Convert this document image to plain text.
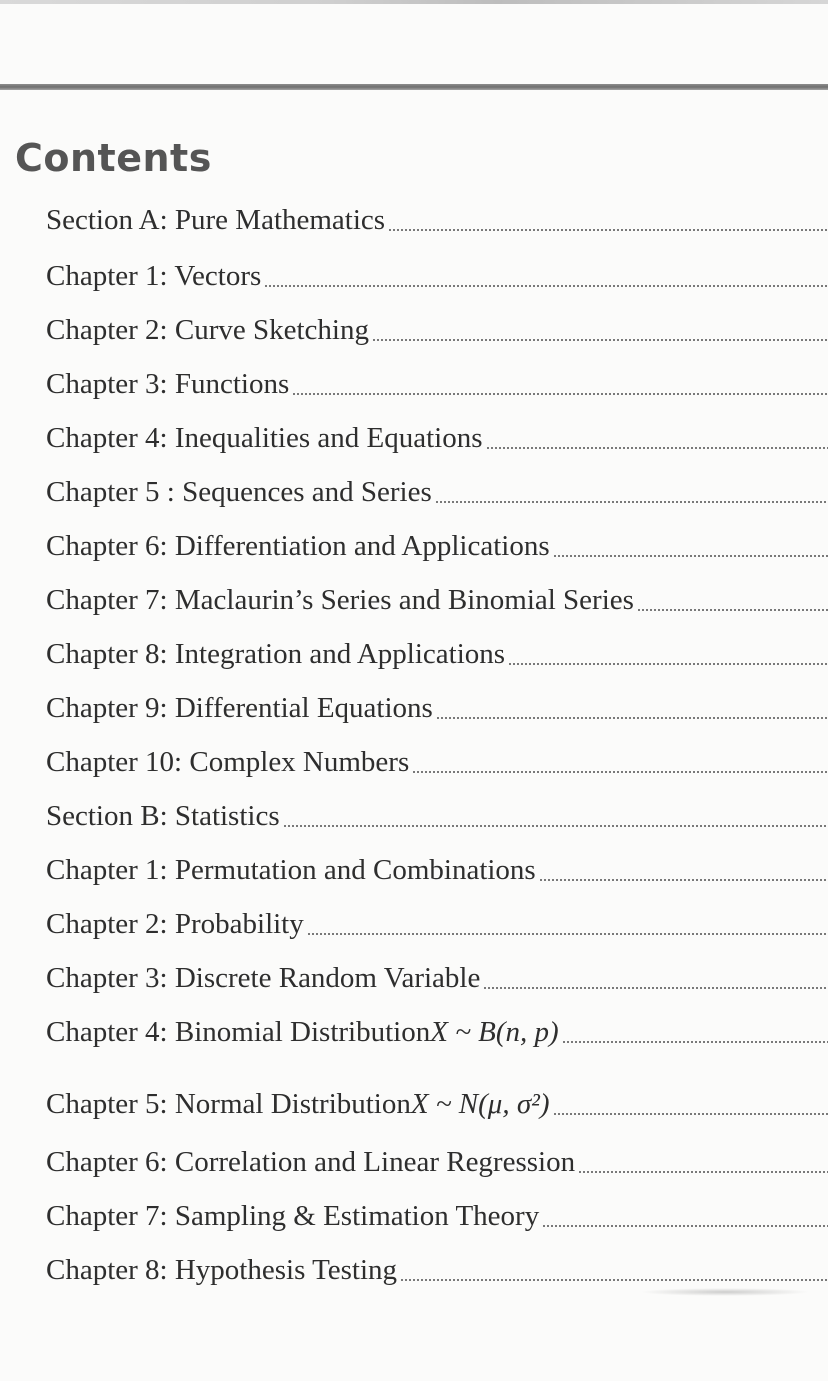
Contents
Section A: Pure Mathematics
Chapter 1: Vectors
Chapter 2: Curve Sketching
Chapter 3: Functions
Chapter 4: Inequalities and Equations
Chapter 5 : Sequences and Series
Chapter 6: Differentiation and Applications
Chapter 7: Maclaurin’s Series and Binomial Series
Chapter 8: Integration and Applications
Chapter 9: Differential Equations
Chapter 10: Complex Numbers
Section B: Statistics
Chapter 1: Permutation and Combinations
Chapter 2: Probability
Chapter 3: Discrete Random Variable
Chapter 4: Binomial Distribution X ~ B(n, p)
Chapter 5: Normal Distribution X ~ N(μ, σ²)
Chapter 6: Correlation and Linear Regression
Chapter 7: Sampling & Estimation Theory
Chapter 8: Hypothesis Testing
